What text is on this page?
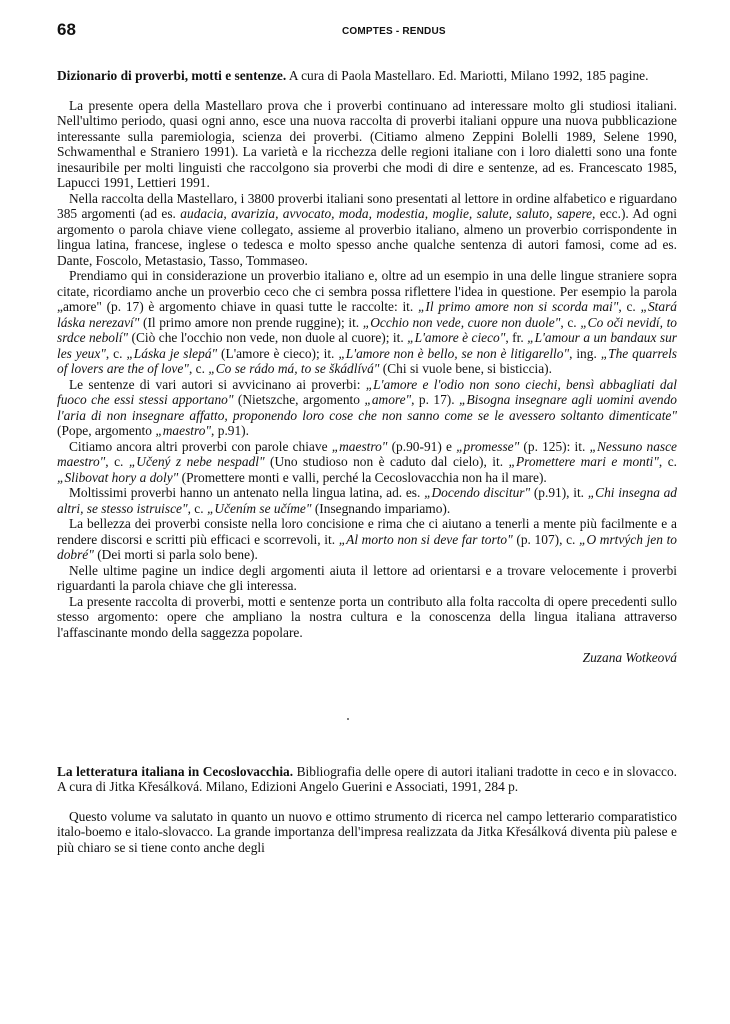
68	COMPTES - RENDUS

Dizionario di proverbi, motti e sentenze. A cura di Paola Mastellaro. Ed. Mariotti, Milano 1992, 185 pagine.

La presente opera della Mastellaro prova che i proverbi continuano ad interessare molto gli studiosi italiani. Nell'ultimo periodo, quasi ogni anno, esce una nuova raccolta di proverbi italiani oppure una nuova pubblicazione interessante sulla paremiologia, scienza dei proverbi. (Citiamo almeno Zeppini Bolelli 1989, Selene 1990, Schwamenthal e Straniero 1991). La varietà e la ricchezza delle regioni italiane con i loro dialetti sono una fonte inesauribile per molti linguisti che raccolgono sia proverbi che modi di dire e sentenze, ad es. Francescato 1985, Lapucci 1991, Lettieri 1991.

Nella raccolta della Mastellaro, i 3800 proverbi italiani sono presentati al lettore in ordine alfabetico e riguardano 385 argomenti (ad es. audacia, avarizia, avvocato, moda, modestia, moglie, salute, saluto, sapere, ecc.). Ad ogni argomento o parola chiave viene collegato, assieme al proverbio italiano, almeno un proverbio corrispondente in lingua latina, francese, inglese o tedesca e molto spesso anche qualche sentenza di autori famosi, come ad es. Dante, Foscolo, Metastasio, Tasso, Tommaseo.

Prendiamo qui in considerazione un proverbio italiano e, oltre ad un esempio in una delle lingue straniere sopra citate, ricordiamo anche un proverbio ceco che ci sembra possa riflettere l'idea in questione. Per esempio la parola „amore" (p. 17) è argomento chiave in quasi tutte le raccolte: it. „Il primo amore non si scorda mai", c. „Stará láska nerezaví" (Il primo amore non prende ruggine); it. „Occhio non vede, cuore non duole", c. „Co oči nevidí, to srdce nebolí" (Ciò che l'occhio non vede, non duole al cuore); it. „L'amore è cieco", fr. „L'amour a un bandaux sur les yeux", c. „Láska je slepá" (L'amore è cieco); it. „L'amore non è bello, se non è litigarello", ing. „The quarrels of lovers are the of love", c. „Co se rádo má, to se škádlívá" (Chi si vuole bene, si bisticcia).

Le sentenze di vari autori si avvicinano ai proverbi: „L'amore e l'odio non sono ciechi, bensì abbagliati dal fuoco che essi stessi apportano" (Nietszche, argomento „amore", p. 17). „Bisogna insegnare agli uomini avendo l'aria di non insegnare affatto, proponendo loro cose che non sanno come se le avessero soltanto dimenticate" (Pope, argomento „maestro", p.91).

Citiamo ancora altri proverbi con parole chiave „maestro" (p.90-91) e „promesse" (p. 125): it. „Nessuno nasce maestro", c. „Učený z nebe nespadl" (Uno studioso non è caduto dal cielo), it. „Promettere mari e monti", c. „Slibovat hory a doly" (Promettere monti e valli, perché la Cecoslovacchia non ha il mare).

Moltissimi proverbi hanno un antenato nella lingua latina, ad. es. „Docendo discitur" (p.91), it. „Chi insegna ad altri, se stesso istruisce", c. „Učením se učíme" (Insegnando impariamo).

La bellezza dei proverbi consiste nella loro concisione e rima che ci aiutano a tenerli a mente più facilmente e a rendere discorsi e scritti più efficaci e scorrevoli, it. „Al morto non si deve far torto" (p. 107), c. „O mrtvých jen to dobré" (Dei morti si parla solo bene).

Nelle ultime pagine un indice degli argomenti aiuta il lettore ad orientarsi e a trovare velocemente i proverbi riguardanti la parola chiave che gli interessa.

La presente raccolta di proverbi, motti e sentenze porta un contributo alla folta raccolta di opere precedenti sullo stesso argomento: opere che ampliano la nostra cultura e la conoscenza della lingua italiana attraverso l'affascinante mondo della saggezza popolare.

Zuzana Wotkeová

La letteratura italiana in Cecoslovacchia. Bibliografia delle opere di autori italiani tradotte in ceco e in slovacco. A cura di Jitka Křesálková. Milano, Edizioni Angelo Guerini e Associati, 1991, 284 p.

Questo volume va salutato in quanto un nuovo e ottimo strumento di ricerca nel campo letterario comparatistico italo-boemo e italo-slovacco. La grande importanza dell'impresa realizzata da Jitka Křesálková diventa più palese e più chiaro se si tiene conto anche degli
